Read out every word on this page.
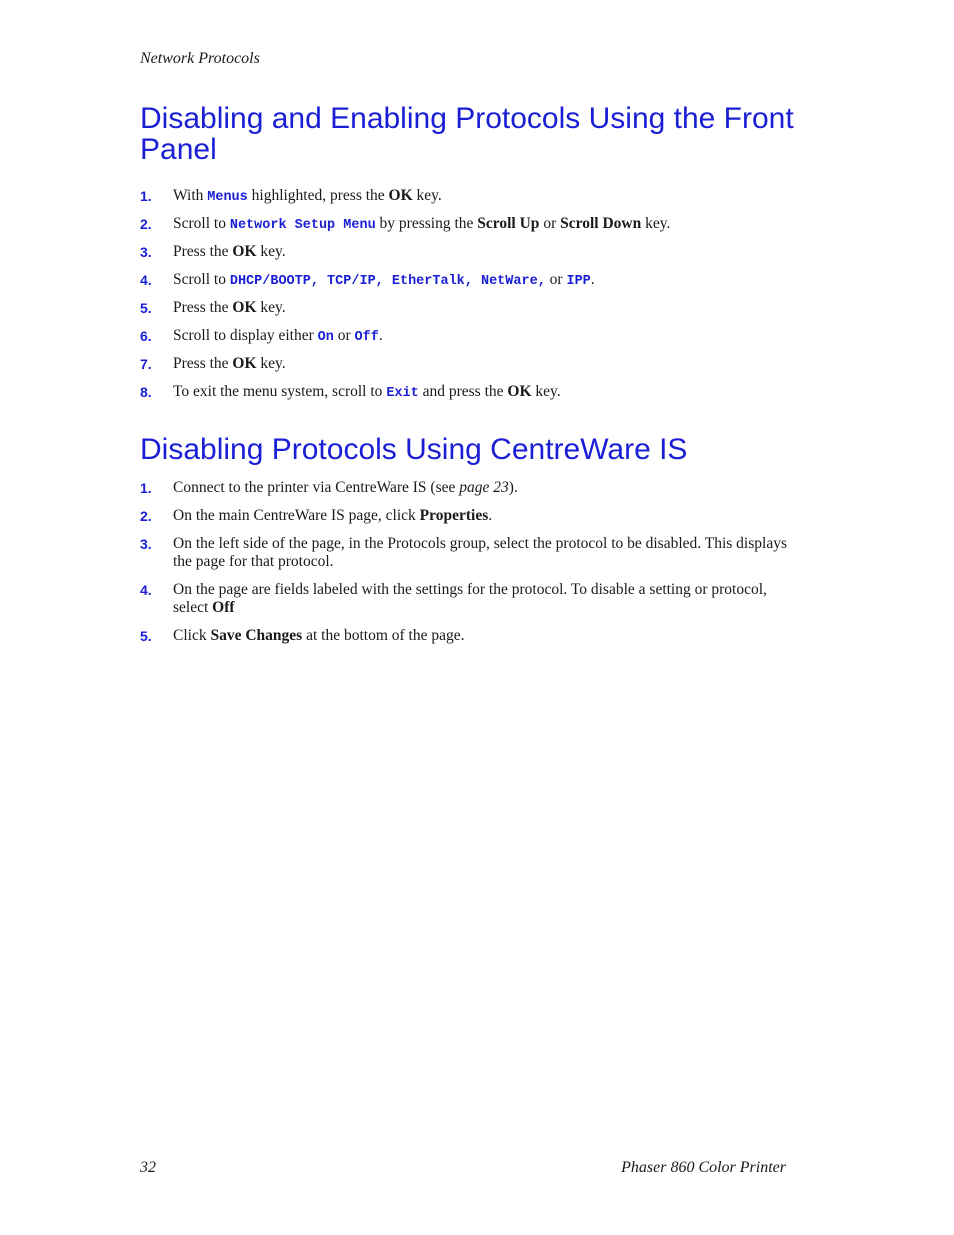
Network Protocols
Disabling and Enabling Protocols Using the Front Panel
1. With Menus highlighted, press the OK key.
2. Scroll to Network Setup Menu by pressing the Scroll Up or Scroll Down key.
3. Press the OK key.
4. Scroll to DHCP/BOOTP, TCP/IP, EtherTalk, NetWare, or IPP.
5. Press the OK key.
6. Scroll to display either On or Off.
7. Press the OK key.
8. To exit the menu system, scroll to Exit and press the OK key.
Disabling Protocols Using CentreWare IS
1. Connect to the printer via CentreWare IS (see page 23).
2. On the main CentreWare IS page, click Properties.
3. On the left side of the page, in the Protocols group, select the protocol to be disabled. This displays the page for that protocol.
4. On the page are fields labeled with the settings for the protocol. To disable a setting or protocol, select Off
5. Click Save Changes at the bottom of the page.
32	Phaser 860 Color Printer
